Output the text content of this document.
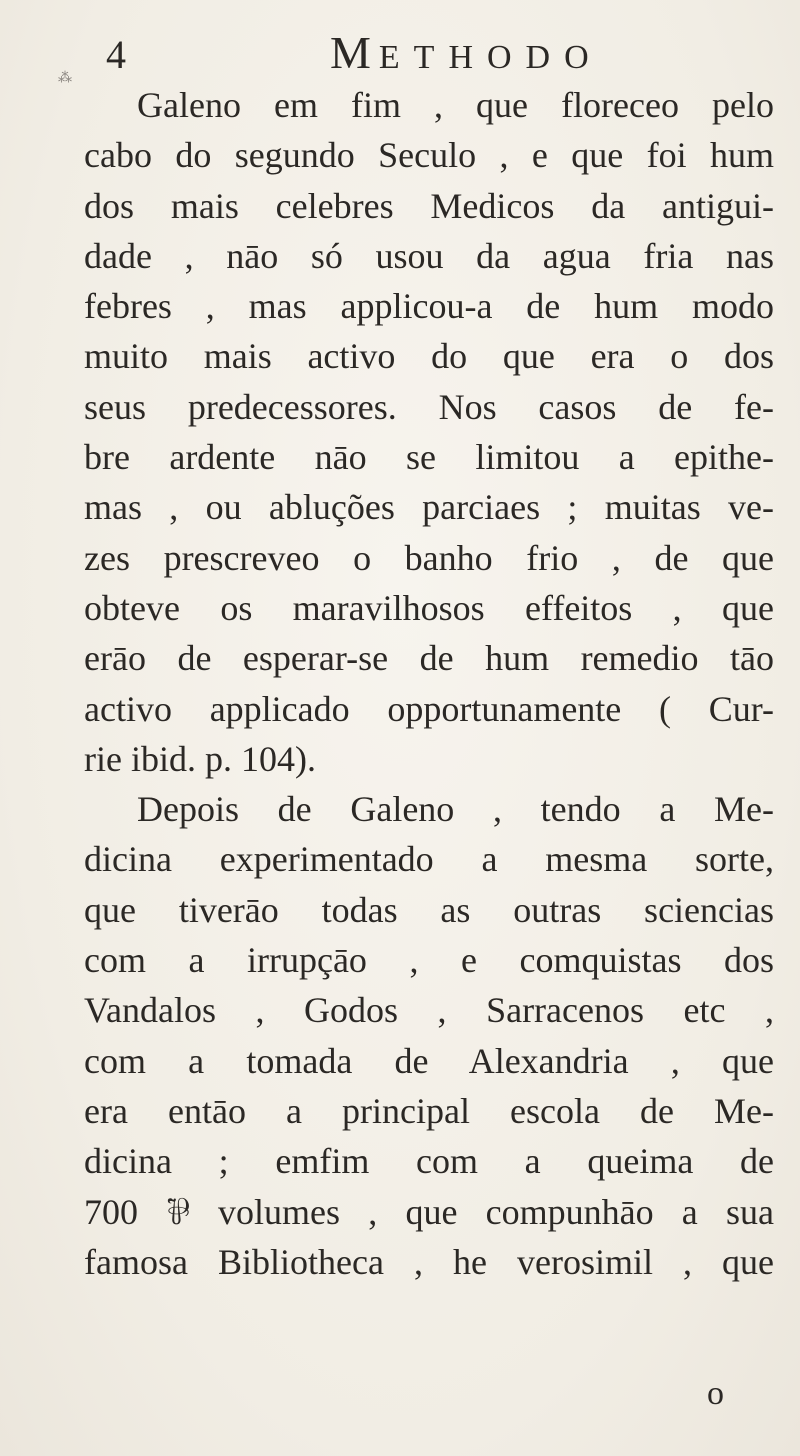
⁂
4	METHODO
Galeno em fim , que floreceo pelo
cabo do segundo Seculo , e que foi hum
dos mais celebres Medicos da antigui-
dade , nāo só usou da agua fria nas
febres , mas applicou-a de hum modo
muito mais activo do que era o dos
seus predecessores. Nos casos de fe-
bre ardente nāo se limitou a epithe-
mas , ou abluções parciaes ; muitas ve-
zes prescreveo o banho frio , de que
obteve os maravilhosos effeitos , que
erāo de esperar-se de hum remedio tāo
activo applicado opportunamente ( Cur-
rie ibid. p. 104).
Depois de Galeno , tendo a Me-
dicina experimentado a mesma sorte,
que tiverāo todas as outras sciencias
com a irrupçāo , e comquistas dos
Vandalos , Godos , Sarracenos etc ,
com a tomada de Alexandria , que
era entāo a principal escola de Me-
dicina ; emfim com a queima de
700 ⅌ volumes , que compunhāo a sua
famosa Bibliotheca , he verosimil , que
o
